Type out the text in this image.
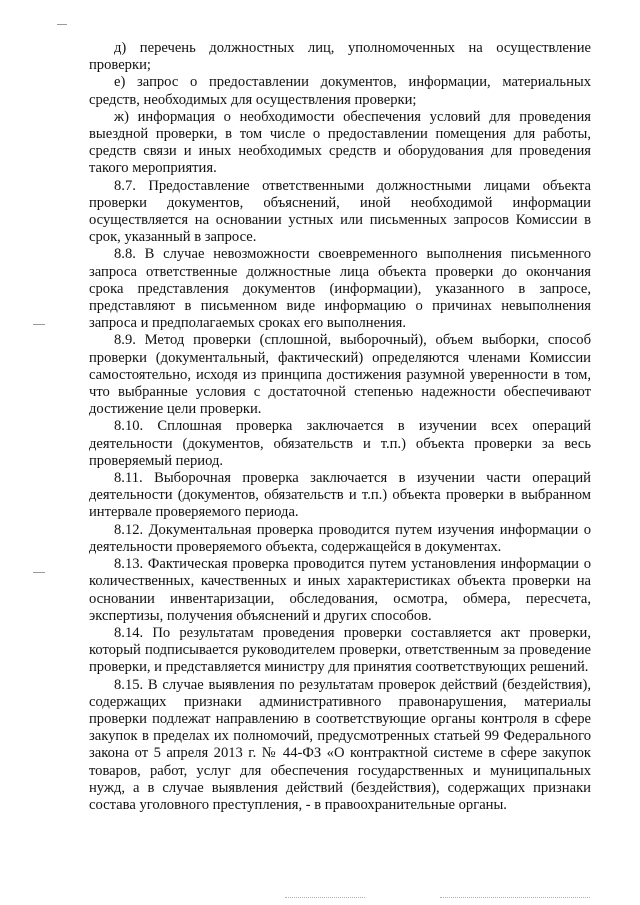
д) перечень должностных лиц, уполномоченных на осуществление проверки;

е) запрос о предоставлении документов, информации, материальных средств, необходимых для осуществления проверки;

ж) информация о необходимости обеспечения условий для проведения выездной проверки, в том числе о предоставлении помещения для работы, средств связи и иных необходимых средств и оборудования для проведения такого мероприятия.

8.7. Предоставление ответственными должностными лицами объекта проверки документов, объяснений, иной необходимой информации осуществляется на основании устных или письменных запросов Комиссии в срок, указанный в запросе.

8.8. В случае невозможности своевременного выполнения письменного запроса ответственные должностные лица объекта проверки до окончания срока представления документов (информации), указанного в запросе, представляют в письменном виде информацию о причинах невыполнения запроса и предполагаемых сроках его выполнения.

8.9. Метод проверки (сплошной, выборочный), объем выборки, способ проверки (документальный, фактический) определяются членами Комиссии самостоятельно, исходя из принципа достижения разумной уверенности в том, что выбранные условия с достаточной степенью надежности обеспечивают достижение цели проверки.

8.10. Сплошная проверка заключается в изучении всех операций деятельности (документов, обязательств и т.п.) объекта проверки за весь проверяемый период.

8.11. Выборочная проверка заключается в изучении части операций деятельности (документов, обязательств и т.п.) объекта проверки в выбранном интервале проверяемого периода.

8.12. Документальная проверка проводится путем изучения информации о деятельности проверяемого объекта, содержащейся в документах.

8.13. Фактическая проверка проводится путем установления информации о количественных, качественных и иных характеристиках объекта проверки на основании инвентаризации, обследования, осмотра, обмера, пересчета, экспертизы, получения объяснений и других способов.

8.14. По результатам проведения проверки составляется акт проверки, который подписывается руководителем проверки, ответственным за проведение проверки, и представляется министру для принятия соответствующих решений.

8.15. В случае выявления по результатам проверок действий (бездействия), содержащих признаки административного правонарушения, материалы проверки подлежат направлению в соответствующие органы контроля в сфере закупок в пределах их полномочий, предусмотренных статьей 99 Федерального закона от 5 апреля 2013 г. № 44-ФЗ «О контрактной системе в сфере закупок товаров, работ, услуг для обеспечения государственных и муниципальных нужд, а в случае выявления действий (бездействия), содержащих признаки состава уголовного преступления, - в правоохранительные органы.
